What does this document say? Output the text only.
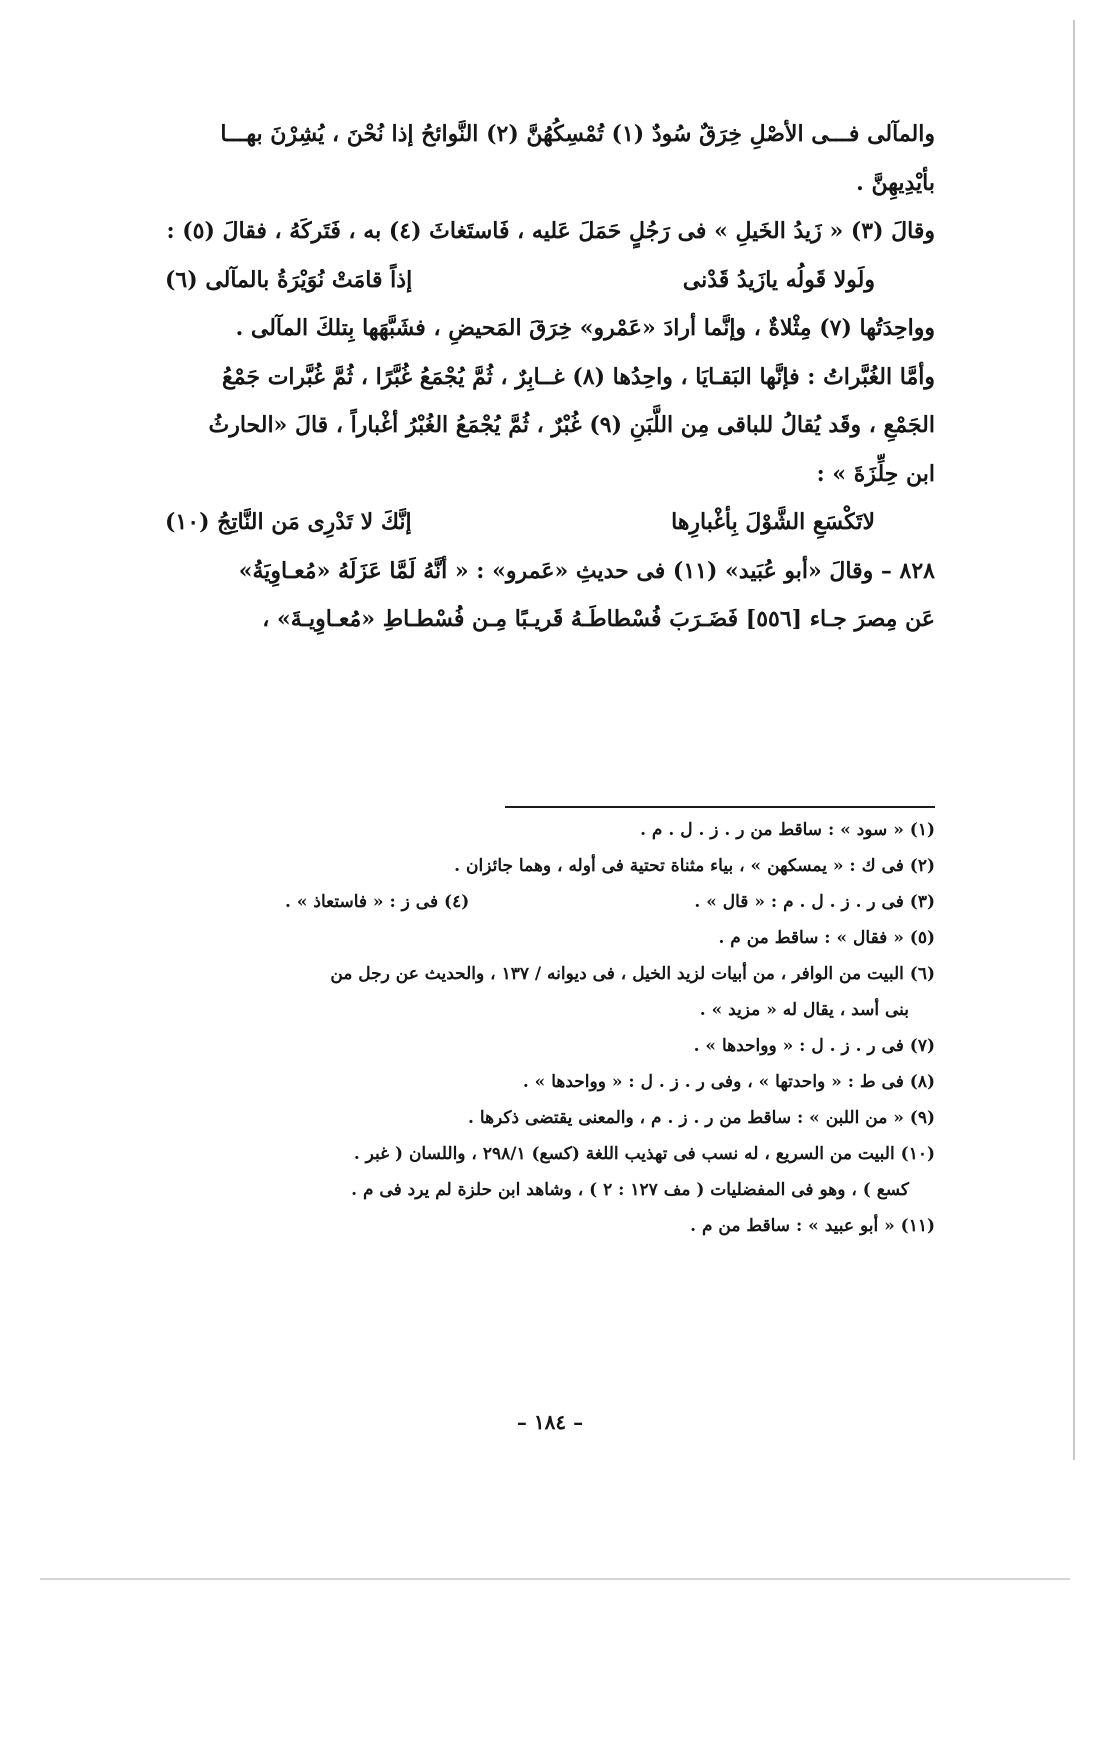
والمآلى فـــى الأصْلِ خِرَقٌ سُودٌ (١) تُمْسِكُهُنَّ (٢) النَّوائحُ إذا نُحْنَ ، يُشِرْنَ بهـــا
بأيْدِيهِنَّ .
وقالَ (٣) « زَيدُ الخَيلِ » فى رَجُلٍ حَمَلَ عَليه ، فَاستَغاثَ (٤) به ، فَتَركَهُ ، فقالَ (٥) :
ولَولا قَولُه يازَيدُ قَدْنى
إذاً قامَتْ نُوَيْرَةُ بالمآلى (٦)
وواحِدَتُها (٧) مِثْلاةٌ ، وإنَّما أرادَ «عَمْرو» خِرَقَ المَحيضِ ، فشَبَّهَها بِتلكَ المآلى .
وأمَّا الغُبَّراتُ : فإنَّها البَقـايَا ، واحِدُها (٨) غــابِرٌ ، ثُمَّ يُجْمَعُ غُبَّرًا ، ثُمَّ غُبَّرات جَمْعُ
الجَمْعِ ، وقَد يُقالُ للباقى مِن اللَّبَنِ (٩) غُبْرٌ ، ثُمَّ يُجْمَعُ الغُبْرُ أغْباراً ، قالَ «الحارثُ
ابن حِلِّزَةَ » :
لاتَكْسَعِ الشَّوْلَ بِأغْبارِها
إنَّكَ لا تَدْرِى مَن النَّاتِجُ (١٠)
٨٢٨ – وقالَ «أبو عُبَيد» (١١) فى حديثِ «عَمرو» : « أنَّهُ لَمَّا عَزَلَهُ «مُعـاوِيَةُ»
عَن مِصرَ جـاء [٥٥٦] فَضَـرَبَ فُسْطاطَـهُ قَريـبًا مِـن فُسْطـاطِ «مُعـاوِيـةَ» ،
(١) « سود » : ساقط من ر . ز . ل . م .
(٢) فى ك : « يمسكهن » ، بياء مثناة تحتية فى أوله ، وهما جائزان .
(٣) فى ر . ز . ل . م : « قال » .
(٤) فى ز : « فاستعاذ » .
(٥) « فقال » : ساقط من م .
(٦) البيت من الوافر ، من أبيات لزيد الخيل ، فى ديوانه / ١٣٧ ، والحديث عن رجل من
بنى أسد ، يقال له « مزيد » .
(٧) فى ر . ز . ل : « وواحدها » .
(٨) فى ط : « واحدتها » ، وفى ر . ز . ل : « وواحدها » .
(٩) « من اللبن » : ساقط من ر . ز . م ، والمعنى يقتضى ذكرها .
(١٠) البيت من السريع ، له نسب فى تهذيب اللغة (كسع) ٢٩٨/١ ، واللسان ( غبر .
كسع ) ، وهو فى المفضليات ( مف ١٢٧ : ٢ ) ، وشاهد ابن حلزة لم يرد فى م .
(١١) « أبو عبيد » : ساقط من م .
– ١٨٤ –
